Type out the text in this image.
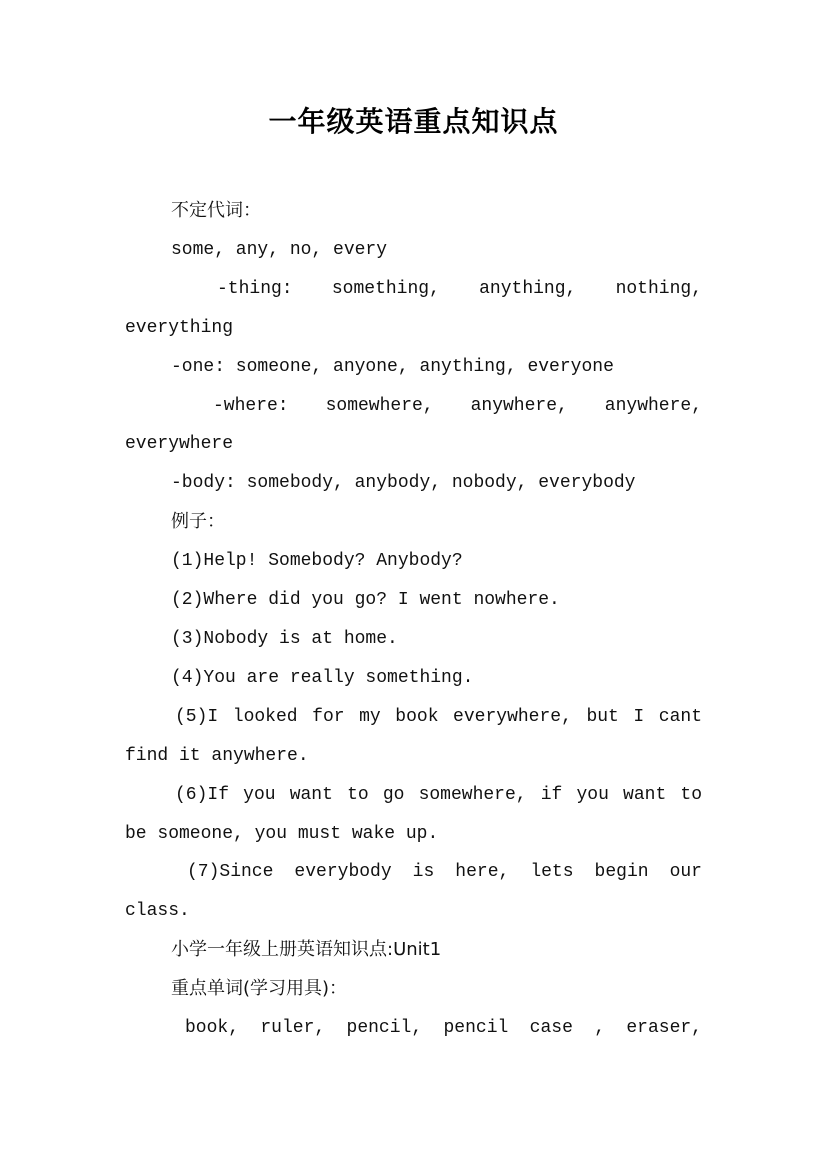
一年级英语重点知识点

不定代词：

some, any, no, every

-thing: something, anything, nothing,

everything

-one: someone, anyone, anything, everyone

-where: somewhere, anywhere, anywhere,

everywhere

-body: somebody, anybody, nobody, everybody

例子：

(1)Help! Somebody? Anybody?

(2)Where did you go? I went nowhere.

(3)Nobody is at home.

(4)You are really something.

(5)I looked for my book everywhere, but I cant

find it anywhere.

(6)If you want to go somewhere, if you want to

be someone, you must wake up.

(7)Since everybody is here, lets begin our

class.

小学一年级上册英语知识点:Unit1

重点单词(学习用具)：

book, ruler, pencil, pencil case , eraser,
